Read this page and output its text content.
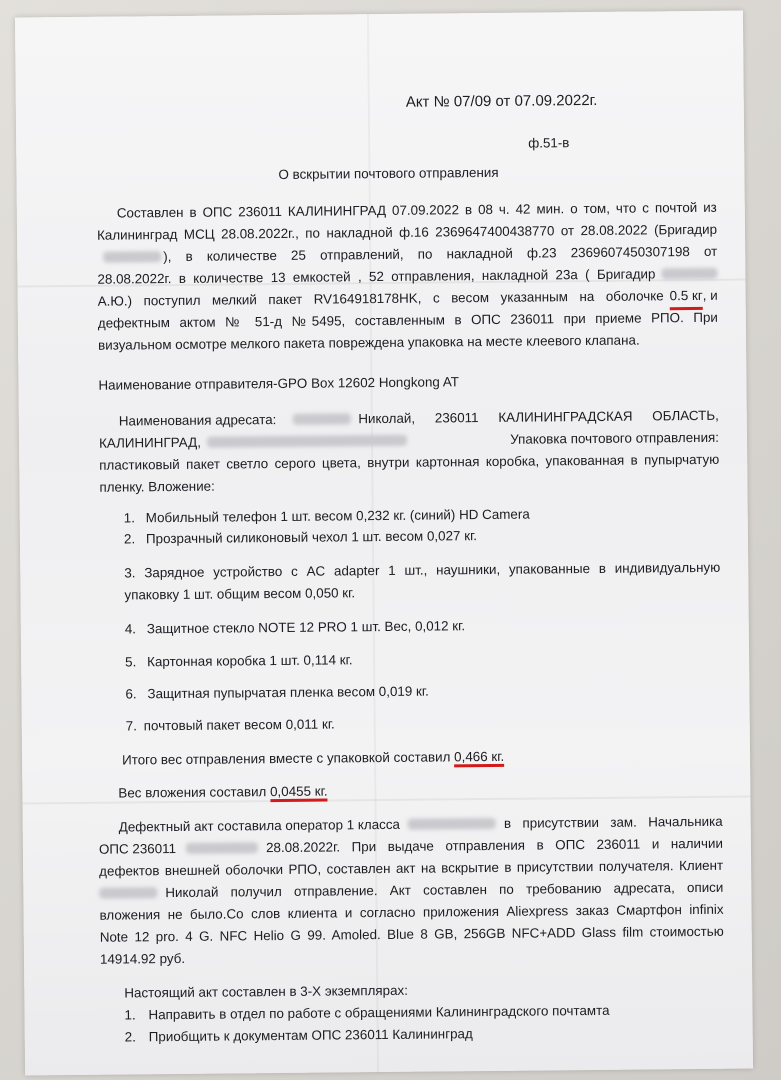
Акт № 07/09 от 07.09.2022г.
ф.51-в
О вскрытии почтового отправления
Составлен в ОПС 236011 КАЛИНИНГРАД 07.09.2022 в 08 ч. 42 мин. о том, что с почтой из
Калининград МСЦ 28.08.2022г., по накладной ф.16 2369647400438770 от 28.08.2022 (Бригадир
), в количестве 25 отправлений, по накладной ф.23 2369607450307198 от
28.08.2022г. в количестве 13 емкостей , 52 отправления, накладной 23а ( Бригадир
А.Ю.) поступил мелкий пакет RV164918178HK, с весом указанным на оболочке 0.5 кг , и
дефектным актом № 51-д №5495, составленным в ОПС 236011 при приеме РПО. При
визуальном осмотре мелкого пакета повреждена упаковка на месте клеевого клапана.
Наименование отправителя-GPO Box 12602 Hongkong AT
Наименования адресата:	Николай, 236011 КАЛИНИНГРАДСКАЯ ОБЛАСТЬ,
КАЛИНИНГРАД,	Упаковка почтового отправления:
пластиковый пакет светло серого цвета, внутри картонная коробка, упакованная в пупырчатую
пленку. Вложение:
1. Мобильный телефон 1 шт. весом 0,232 кг. (синий) HD Camera
2. Прозрачный силиконовый чехол 1 шт. весом 0,027 кг.
3. Зарядное устройство с AC adapter 1 шт., наушники, упакованные в индивидуальную
упаковку 1 шт. общим весом 0,050 кг.
4. Защитное стекло NOTE 12 PRO 1 шт. Вес, 0,012 кг.
5. Картонная коробка 1 шт. 0,114 кг.
6. Защитная пупырчатая пленка весом 0,019 кг.
7. почтовый пакет весом 0,011 кг.
Итого вес отправления вместе с упаковкой составил 0,466 кг.
Вес вложения составил 0,0455 кг.
Дефектный акт составила оператор 1 класса	в присутствии зам. Начальника
ОПС 236011	28.08.2022г. При выдаче отправления в ОПС 236011 и наличии
дефектов внешней оболочки РПО, составлен акт на вскрытие в присутствии получателя. Клиент
Николай получил отправление. Акт составлен по требованию адресата, описи
вложения не было.Со слов клиента и согласно приложения Aliexpress заказ Смартфон infinix
Note 12 pro. 4 G. NFC Helio G 99. Amoled. Blue 8 GB, 256GB NFC+ADD Glass film стоимостью
14914.92 руб.
Настоящий акт составлен в 3-Х экземплярах:
1. Направить в отдел по работе с обращениями Калининградского почтамта
2. Приобщить к документам ОПС 236011 Калининград
